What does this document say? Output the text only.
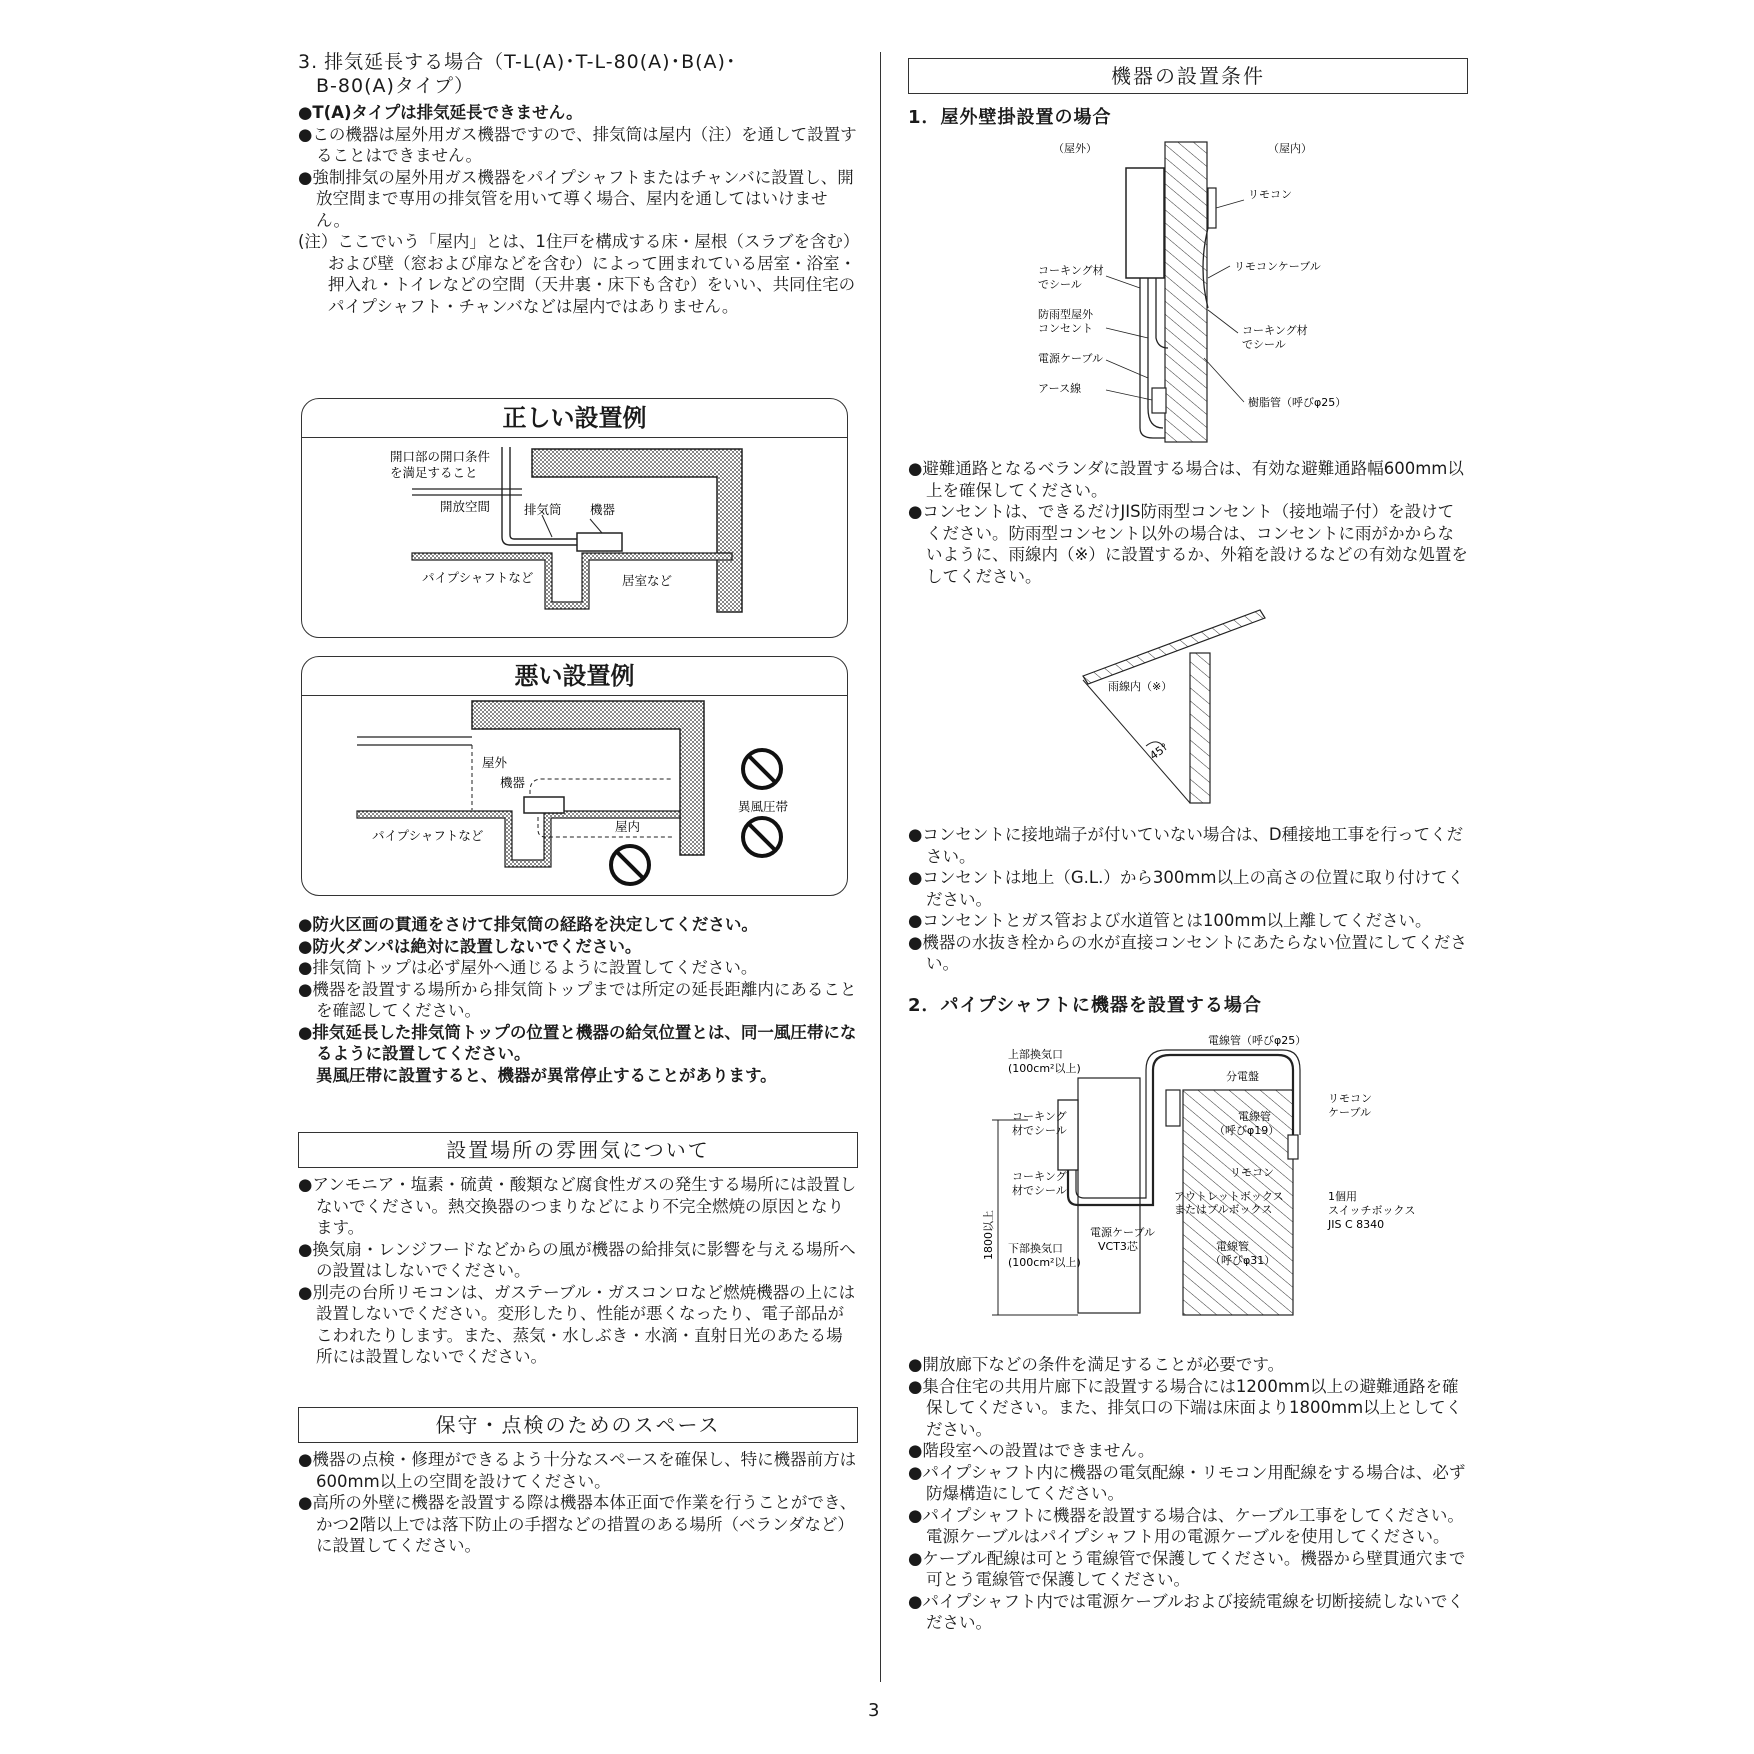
3. 排気延長する場合（T-L(A)･T-L-80(A)･B(A)･
B-80(A)タイプ）

●T(A)タイプは排気延長できません。

●この機器は屋外用ガス機器ですので、排気筒は屋内（注）を通して設置することはできません。

●強制排気の屋外用ガス機器をパイプシャフトまたはチャンバに設置し、開放空間まで専用の排気管を用いて導く場合、屋内を通してはいけません。

(注）ここでいう「屋内」とは、1住戸を構成する床・屋根（スラブを含む）および壁（窓および扉などを含む）によって囲まれている居室・浴室・押入れ・トイレなどの空間（天井裏・床下も含む）をいい、共同住宅のパイプシャフト・チャンバなどは屋内ではありません。

正しい設置例
開口部の開口条件
を満足すること
開放空間	排気筒 機器
パイプシャフトなど	居室など
悪い設置例
屋外
機器
屋内
パイプシャフトなど
異風圧帯

●防火区画の貫通をさけて排気筒の経路を決定してください。

●防火ダンパは絶対に設置しないでください。

●排気筒トップは必ず屋外へ通じるように設置してください。

●機器を設置する場所から排気筒トップまでは所定の延長距離内にあることを確認してください。

●排気延長した排気筒トップの位置と機器の給気位置とは、同一風圧帯になるように設置してください。

異風圧帯に設置すると、機器が異常停止することがあります。

設置場所の雰囲気について

●アンモニア・塩素・硫黄・酸類など腐食性ガスの発生する場所には設置しないでください。熱交換器のつまりなどにより不完全燃焼の原因となります。

●換気扇・レンジフードなどからの風が機器の給排気に影響を与える場所への設置はしないでください。

●別売の台所リモコンは、ガステーブル・ガスコンロなど燃焼機器の上には設置しないでください。変形したり、性能が悪くなったり、電子部品がこわれたりします。また、蒸気・水しぶき・水滴・直射日光のあたる場所には設置しないでください。

保守・点検のためのスペース

●機器の点検・修理ができるよう十分なスペースを確保し、特に機器前方は600mm以上の空間を設けてください。

●高所の外壁に機器を設置する際は機器本体正面で作業を行うことができ、かつ2階以上では落下防止の手摺などの措置のある場所（ベランダなど）に設置してください。

機器の設置条件
1．屋外壁掛設置の場合
（屋外）	（屋内）
リモコン
コーキング材
でシール
リモコンケーブル
防雨型屋外
コンセント	コーキング材
でシール
電源ケーブル
アース線
樹脂管（呼びφ25）

●避難通路となるベランダに設置する場合は、有効な避難通路幅600mm以上を確保してください。

●コンセントは、できるだけJIS防雨型コンセント（接地端子付）を設けてください。防雨型コンセント以外の場合は、コンセントに雨がかからないように、雨線内（※）に設置するか、外箱を設けるなどの有効な処置をしてください。

雨線内（※）
45°

●コンセントに接地端子が付いていない場合は、D種接地工事を行ってください。

●コンセントは地上（G.L.）から300mm以上の高さの位置に取り付けてください。

●コンセントとガス管および水道管とは100mm以上離してください。

●機器の水抜き栓からの水が直接コンセントにあたらない位置にしてください。

2．パイプシャフトに機器を設置する場合
電線管（呼びφ25）
上部換気口
(100cm²以上)
分電盤
リモコン
ケーブル
コーキング
材でシール
電線管
（呼びφ19）
コーキング
材でシール
リモコン
1800以上
アウトレットボックス
またはプルボックス
1個用
スイッチボックス
JIS C 8340
電源ケーブル
VCT3芯
下部換気口
(100cm²以上)
電線管
（呼びφ31）

●開放廊下などの条件を満足することが必要です。

●集合住宅の共用片廊下に設置する場合には1200mm以上の避難通路を確保してください。また、排気口の下端は床面より1800mm以上としてください。

●階段室への設置はできません。

●パイプシャフト内に機器の電気配線・リモコン用配線をする場合は、必ず防爆構造にしてください。

●パイプシャフトに機器を設置する場合は、ケーブル工事をしてください。電源ケーブルはパイプシャフト用の電源ケーブルを使用してください。

●ケーブル配線は可とう電線管で保護してください。機器から壁貫通穴まで可とう電線管で保護してください。

●パイプシャフト内では電源ケーブルおよび接続電線を切断接続しないでください。

3
